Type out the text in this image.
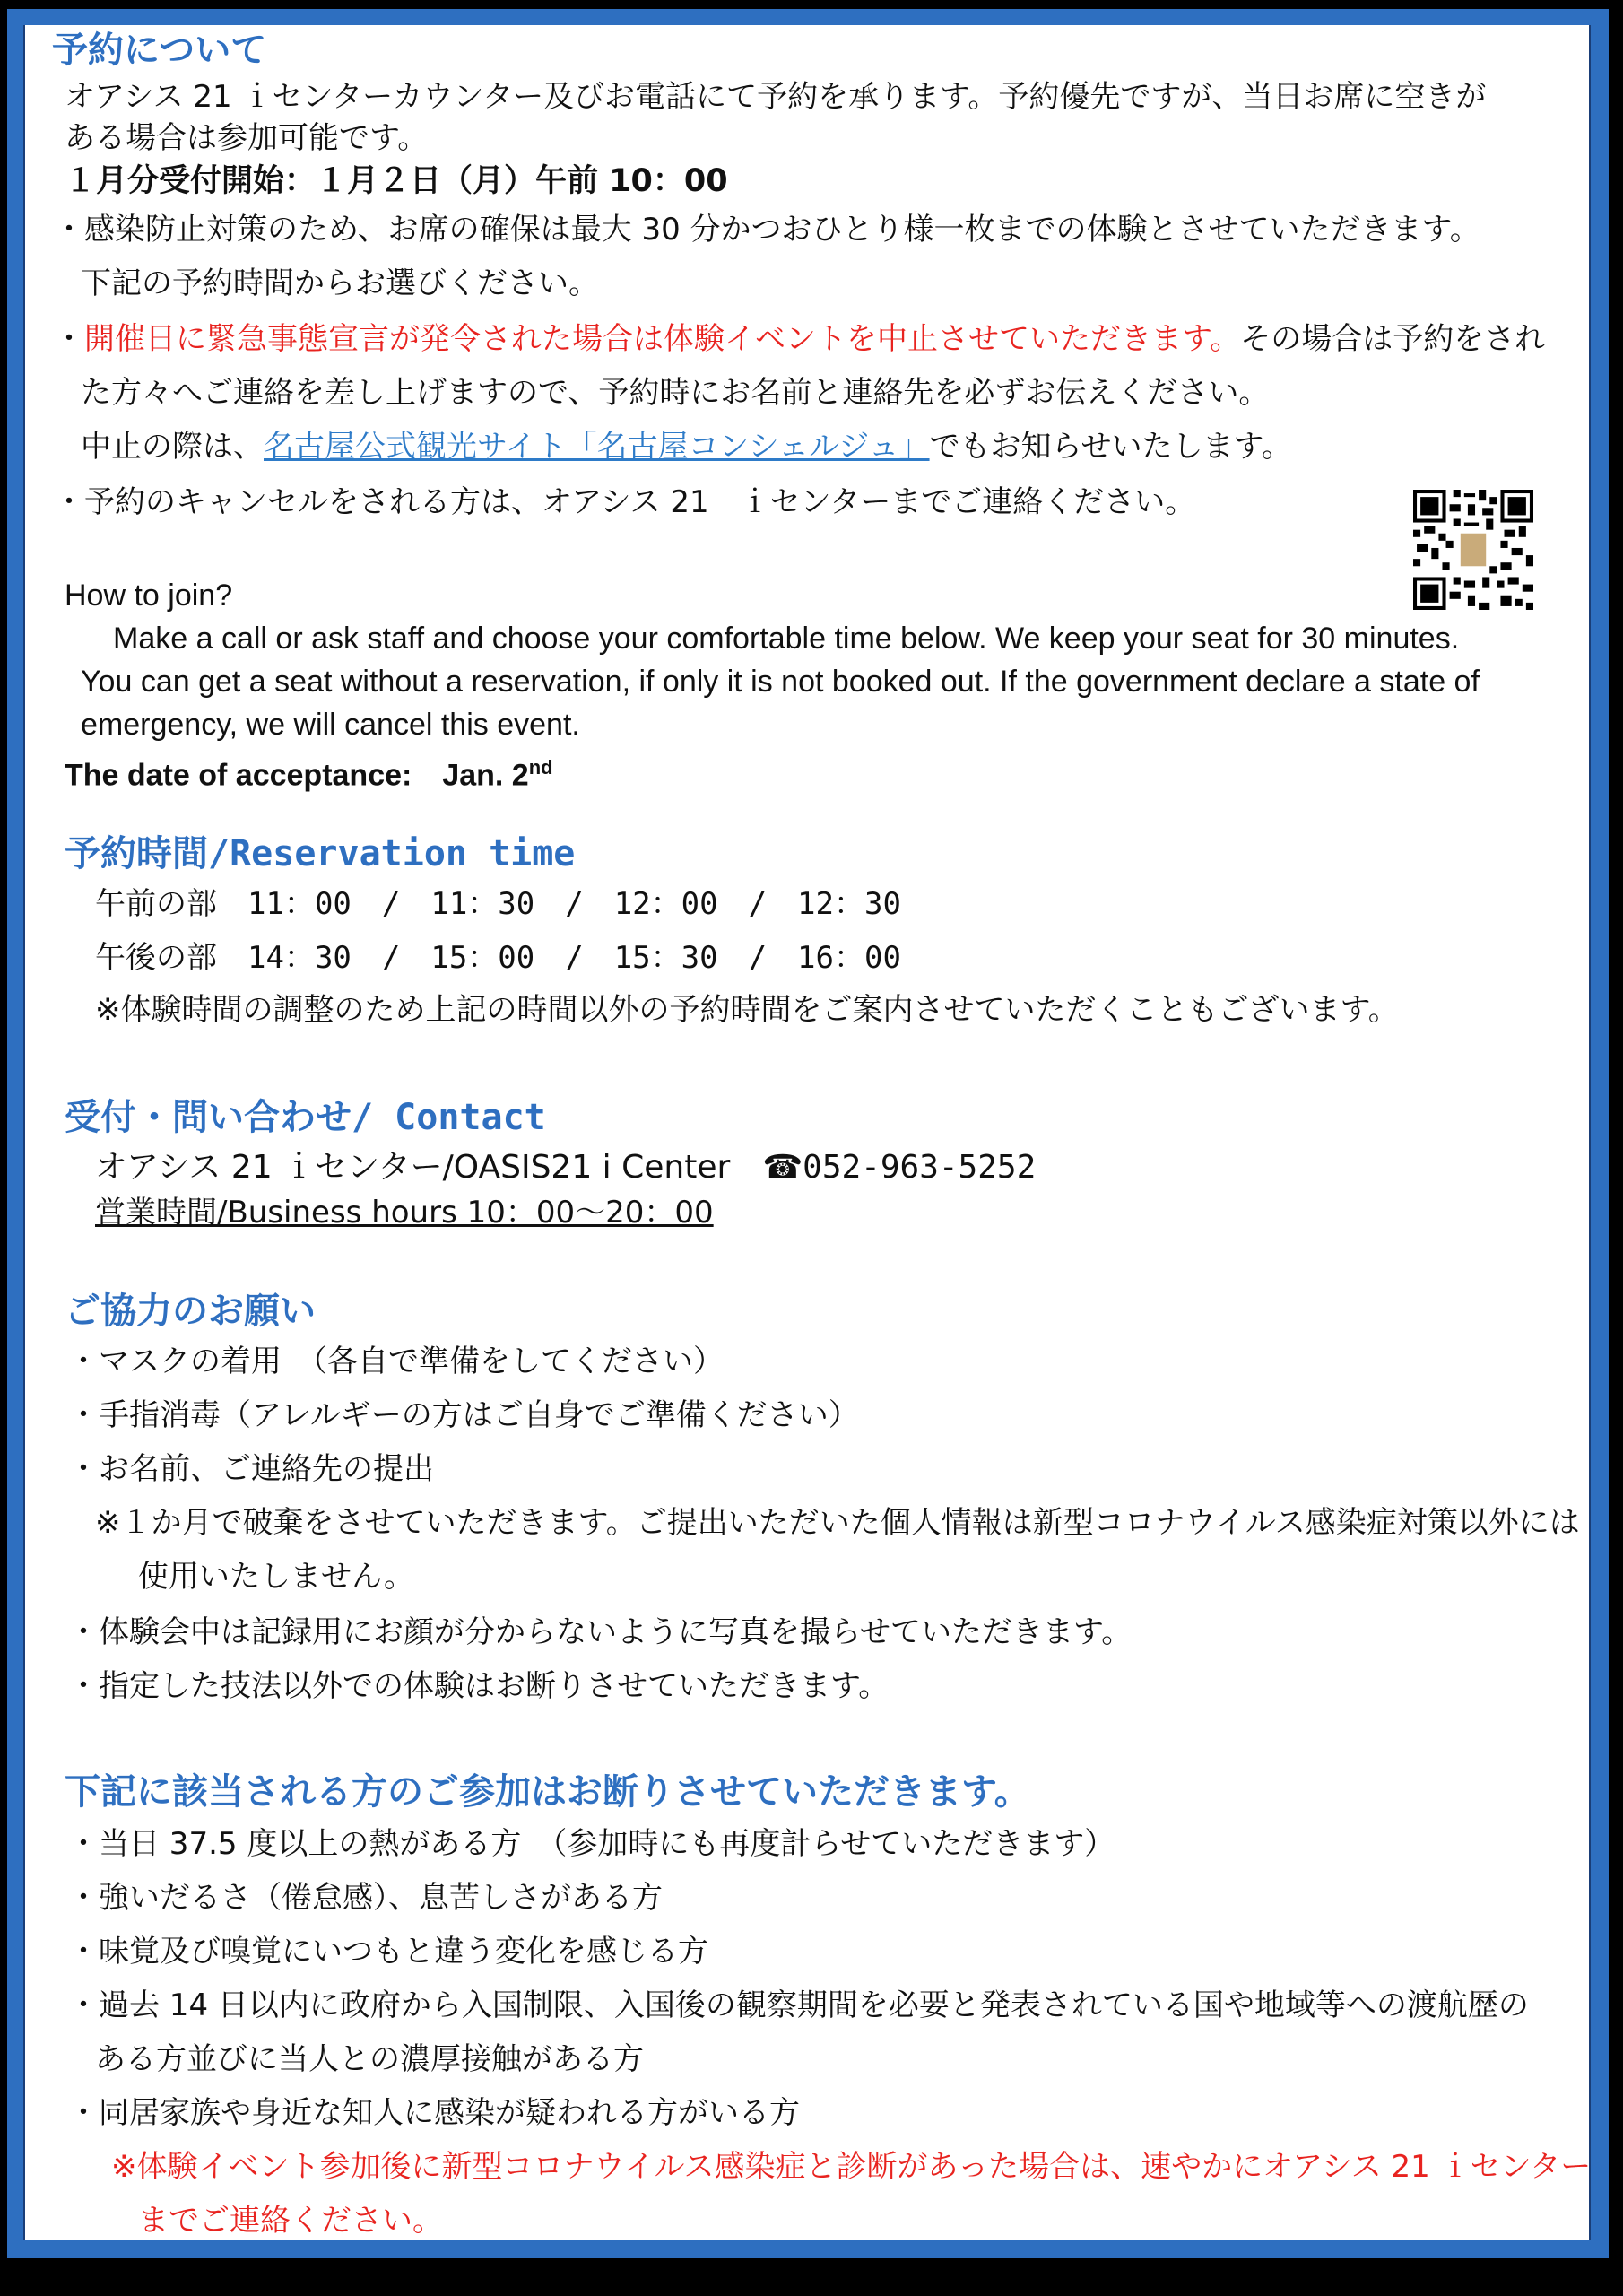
予約について
オアシス 21 ｉセンターカウンター及びお電話にて予約を承ります。予約優先ですが、当日お席に空きが
ある場合は参加可能です。
１月分受付開始：１月２日（月）午前 10：00
・感染防止対策のため、お席の確保は最大 30 分かつおひとり様一枚までの体験とさせていただきます。
下記の予約時間からお選びください。
・開催日に緊急事態宣言が発令された場合は体験イベントを中止させていただきます。その場合は予約をされ
た方々へご連絡を差し上げますので、予約時にお名前と連絡先を必ずお伝えください。
中止の際は、名古屋公式観光サイト「名古屋コンシェルジュ」でもお知らせいたします。
・予約のキャンセルをされる方は、オアシス 21　ｉセンターまでご連絡ください。
How to join?
Make a call or ask staff and choose your comfortable time below. We keep your seat for 30 minutes.
You can get a seat without a reservation, if only it is not booked out. If the government declare a state of
emergency, we will cancel this event.
The date of acceptance:　Jan. 2nd
予約時間/Reservation time
午前の部　11：00　/　11：30　/　12：00　/　12：30
午後の部　14：30　/　15：00　/　15：30　/　16：00
※体験時間の調整のため上記の時間以外の予約時間をご案内させていただくこともございます。
受付・問い合わせ/ Contact
オアシス 21 ｉセンター/OASIS21 i Center　☎052-963-5252
営業時間/Business hours 10：00～20：00
ご協力のお願い
・マスクの着用　（各自で準備をしてください）
・手指消毒（アレルギーの方はご自身でご準備ください）
・お名前、ご連絡先の提出
※１か月で破棄をさせていただきます。ご提出いただいた個人情報は新型コロナウイルス感染症対策以外には
使用いたしません。
・体験会中は記録用にお顔が分からないように写真を撮らせていただきます。
・指定した技法以外での体験はお断りさせていただきます。
下記に該当される方のご参加はお断りさせていただきます。
・当日 37.5 度以上の熱がある方　（参加時にも再度計らせていただきます）
・強いだるさ（倦怠感）、息苦しさがある方
・味覚及び嗅覚にいつもと違う変化を感じる方
・過去 14 日以内に政府から入国制限、入国後の観察期間を必要と発表されている国や地域等への渡航歴の
ある方並びに当人との濃厚接触がある方
・同居家族や身近な知人に感染が疑われる方がいる方
※体験イベント参加後に新型コロナウイルス感染症と診断があった場合は、速やかにオアシス 21 ｉセンター
までご連絡ください。
